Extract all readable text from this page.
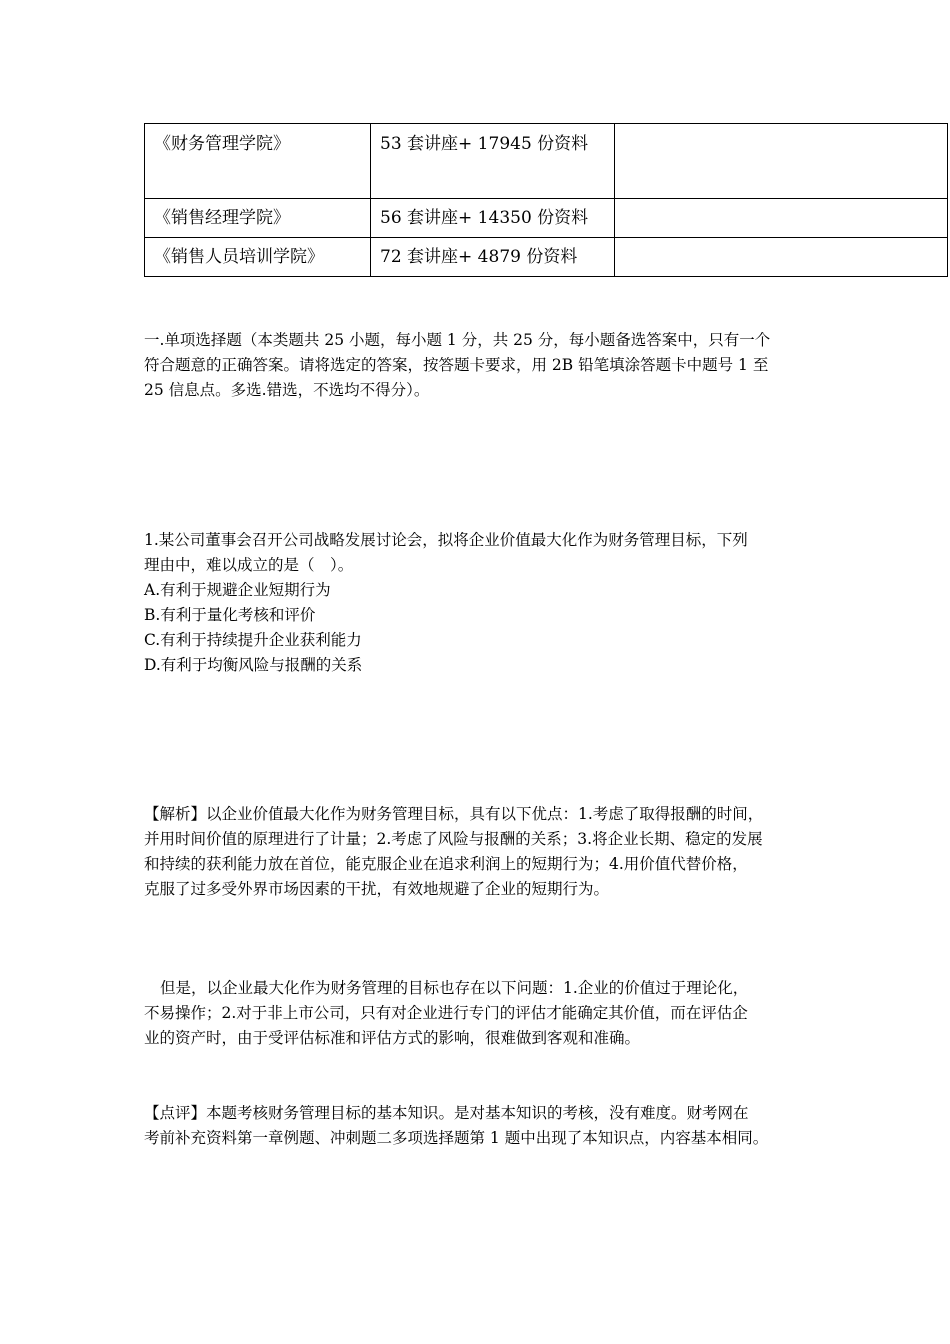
《财务管理学院》	53 套讲座+ 17945 份资料	
《销售经理学院》	56 套讲座+ 14350 份资料	
《销售人员培训学院》	72 套讲座+ 4879 份资料	
一.单项选择题（本类题共 25 小题，每小题 1 分，共 25 分，每小题备选答案中，只有一个
符合题意的正确答案。请将选定的答案，按答题卡要求，用 2B 铅笔填涂答题卡中题号 1 至
25 信息点。多选.错选，不选均不得分）。
1.某公司董事会召开公司战略发展讨论会，拟将企业价值最大化作为财务管理目标，下列
理由中，难以成立的是（　）。
A.有利于规避企业短期行为
B.有利于量化考核和评价
C.有利于持续提升企业获利能力
D.有利于均衡风险与报酬的关系
【解析】以企业价值最大化作为财务管理目标，具有以下优点：1.考虑了取得报酬的时间，
并用时间价值的原理进行了计量；2.考虑了风险与报酬的关系；3.将企业长期、稳定的发展
和持续的获利能力放在首位，能克服企业在追求利润上的短期行为；4.用价值代替价格，
克服了过多受外界市场因素的干扰，有效地规避了企业的短期行为。
但是，以企业最大化作为财务管理的目标也存在以下问题：1.企业的价值过于理论化，
不易操作；2.对于非上市公司，只有对企业进行专门的评估才能确定其价值，而在评估企
业的资产时，由于受评估标准和评估方式的影响，很难做到客观和准确。
【点评】本题考核财务管理目标的基本知识。是对基本知识的考核，没有难度。财考网在
考前补充资料第一章例题、冲刺题二多项选择题第 1 题中出现了本知识点，内容基本相同。
